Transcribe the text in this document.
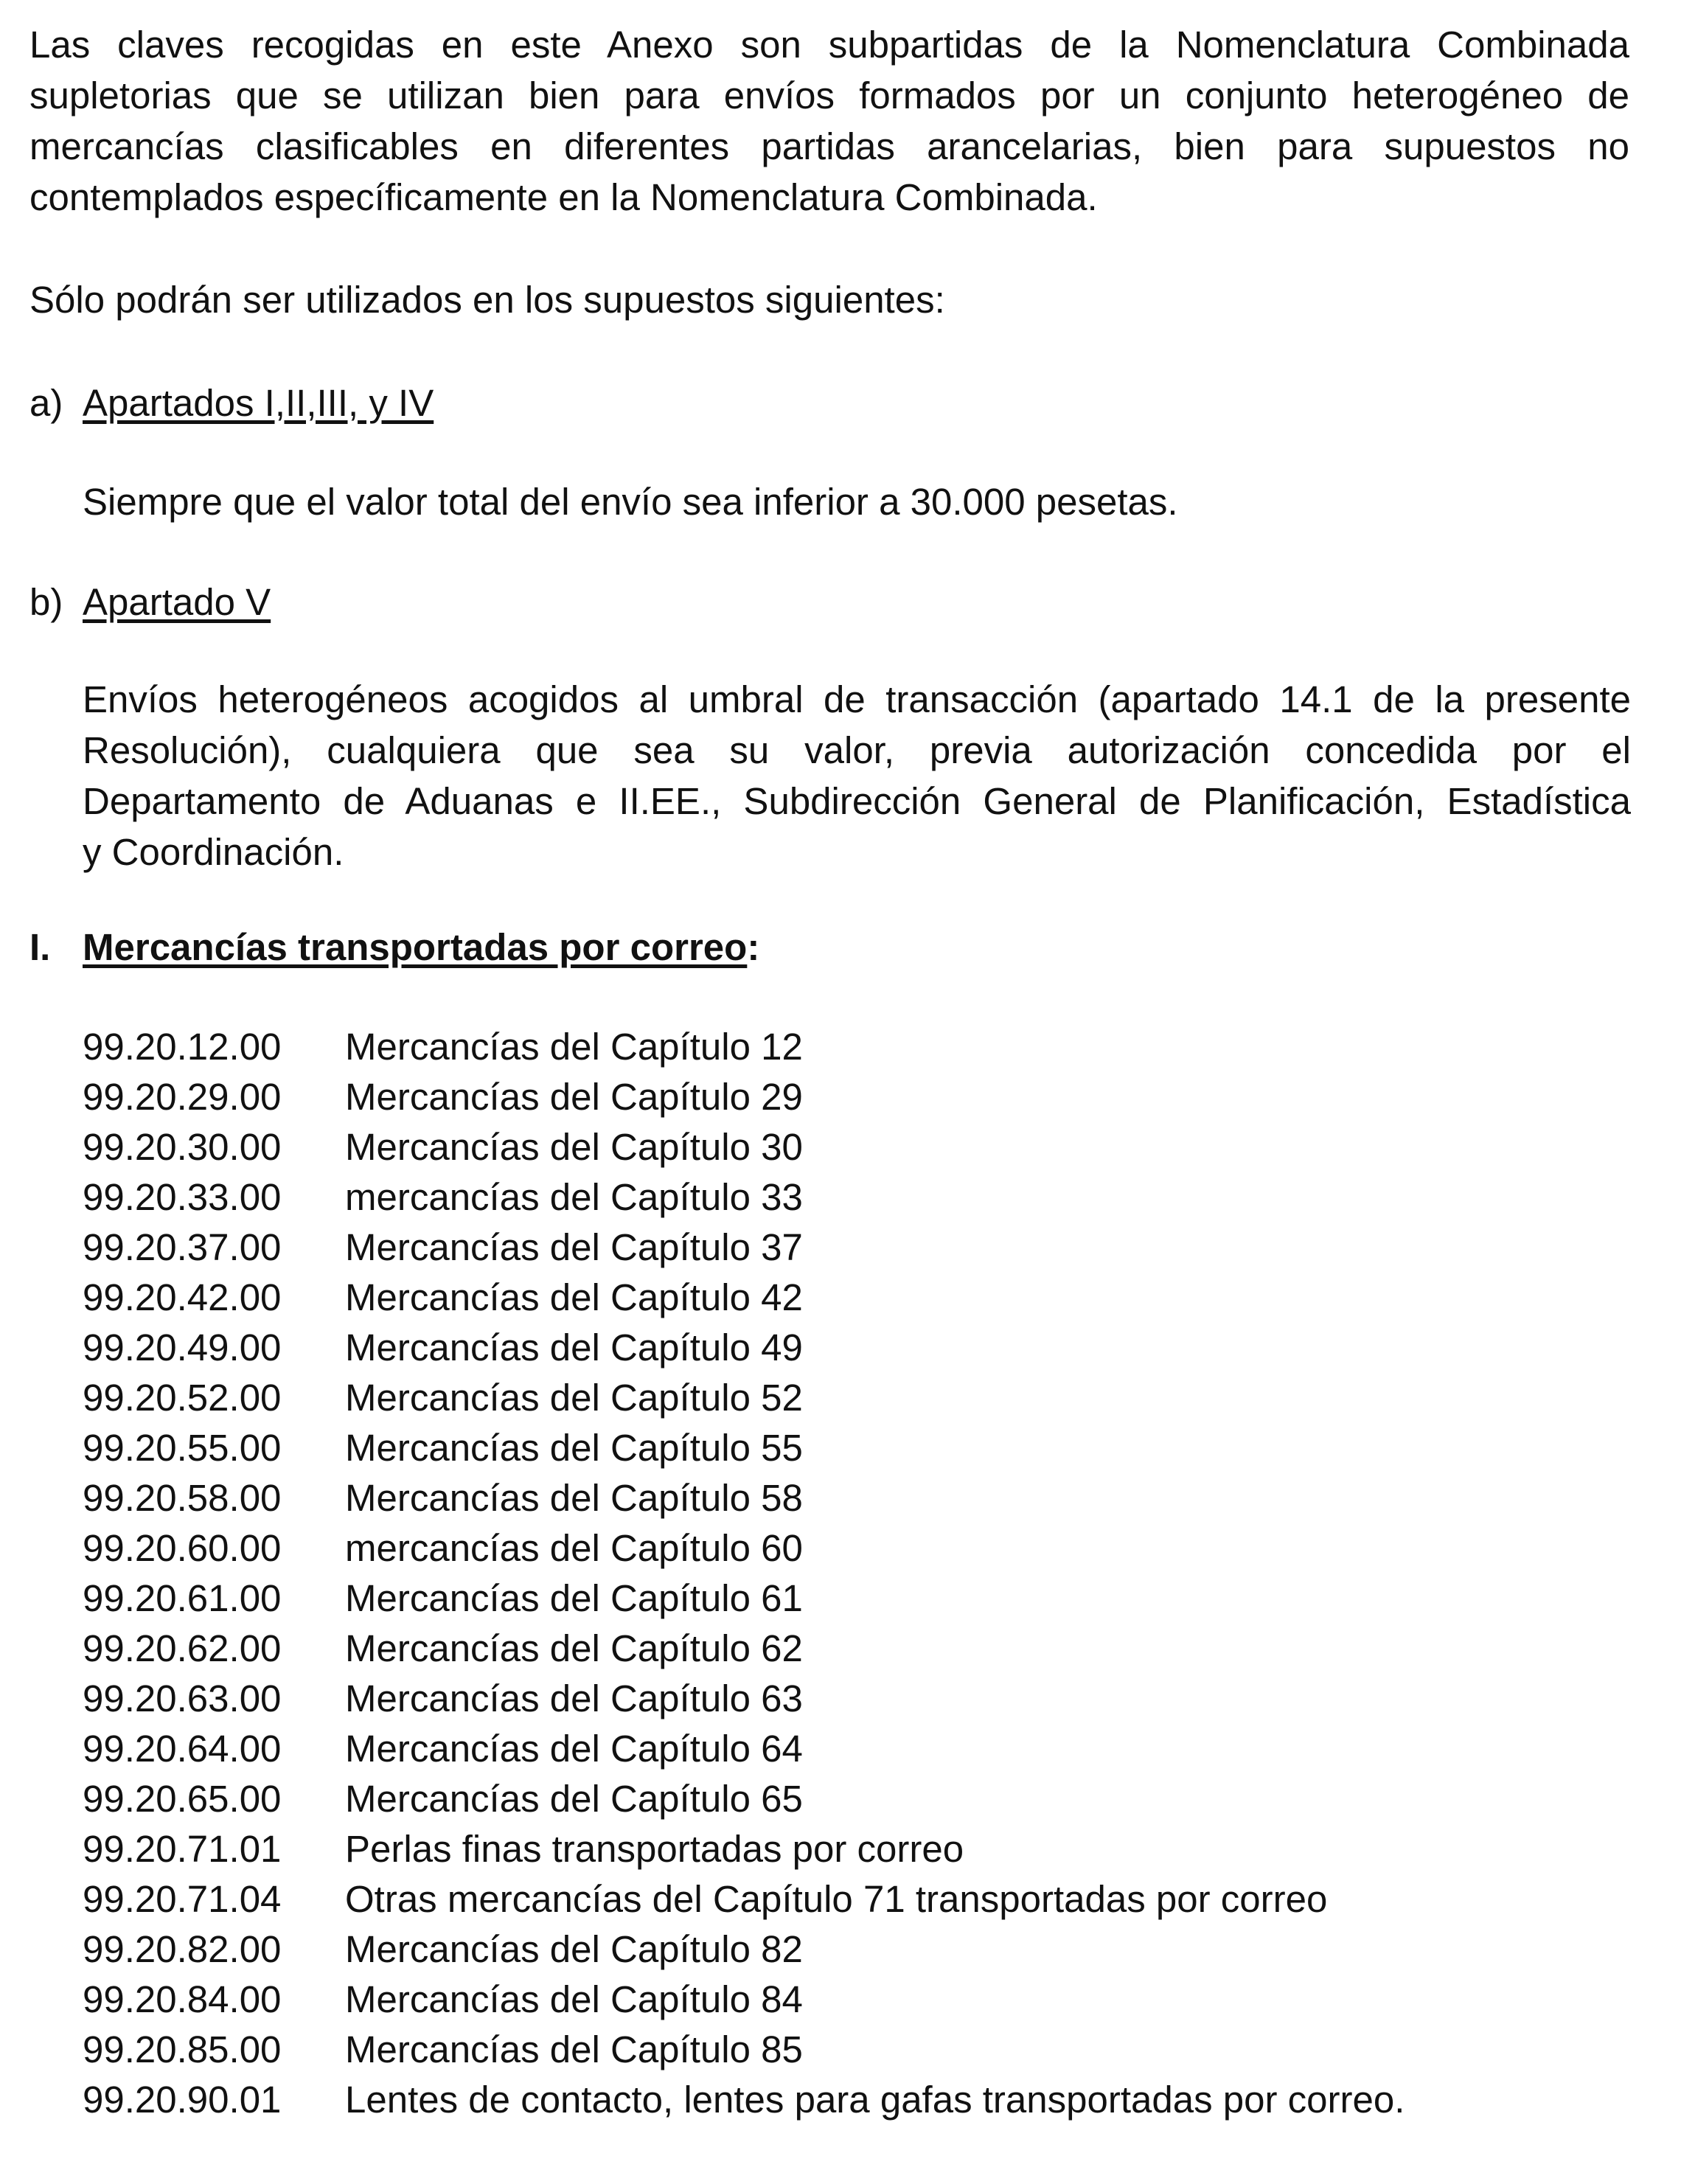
Las claves recogidas en este Anexo son subpartidas de la Nomenclatura Combinada
supletorias que se utilizan bien para envíos formados por un conjunto heterogéneo de
mercancías clasificables en diferentes partidas arancelarias, bien para supuestos no
contemplados específicamente en la Nomenclatura Combinada.

Sólo podrán ser utilizados en los supuestos siguientes:

a) Apartados I,II,III, y IV

Siempre que el valor total del envío sea inferior a 30.000 pesetas.

b) Apartado V

Envíos heterogéneos acogidos al umbral de transacción (apartado 14.1 de la presente
Resolución), cualquiera que sea su valor, previa autorización concedida por el
Departamento de Aduanas e II.EE., Subdirección General de Planificación, Estadística
y Coordinación.

I. Mercancías transportadas por correo:
99.20.12.00	Mercancías del Capítulo 12
99.20.29.00	Mercancías del Capítulo 29
99.20.30.00	Mercancías del Capítulo 30
99.20.33.00	mercancías del Capítulo 33
99.20.37.00	Mercancías del Capítulo 37
99.20.42.00	Mercancías del Capítulo 42
99.20.49.00	Mercancías del Capítulo 49
99.20.52.00	Mercancías del Capítulo 52
99.20.55.00	Mercancías del Capítulo 55
99.20.58.00	Mercancías del Capítulo 58
99.20.60.00	mercancías del Capítulo 60
99.20.61.00	Mercancías del Capítulo 61
99.20.62.00	Mercancías del Capítulo 62
99.20.63.00	Mercancías del Capítulo 63
99.20.64.00	Mercancías del Capítulo 64
99.20.65.00	Mercancías del Capítulo 65
99.20.71.01	Perlas finas transportadas por correo
99.20.71.04	Otras mercancías del Capítulo 71 transportadas por correo
99.20.82.00	Mercancías del Capítulo 82
99.20.84.00	Mercancías del Capítulo 84
99.20.85.00	Mercancías del Capítulo 85
99.20.90.01	Lentes de contacto, lentes para gafas transportadas por correo.
